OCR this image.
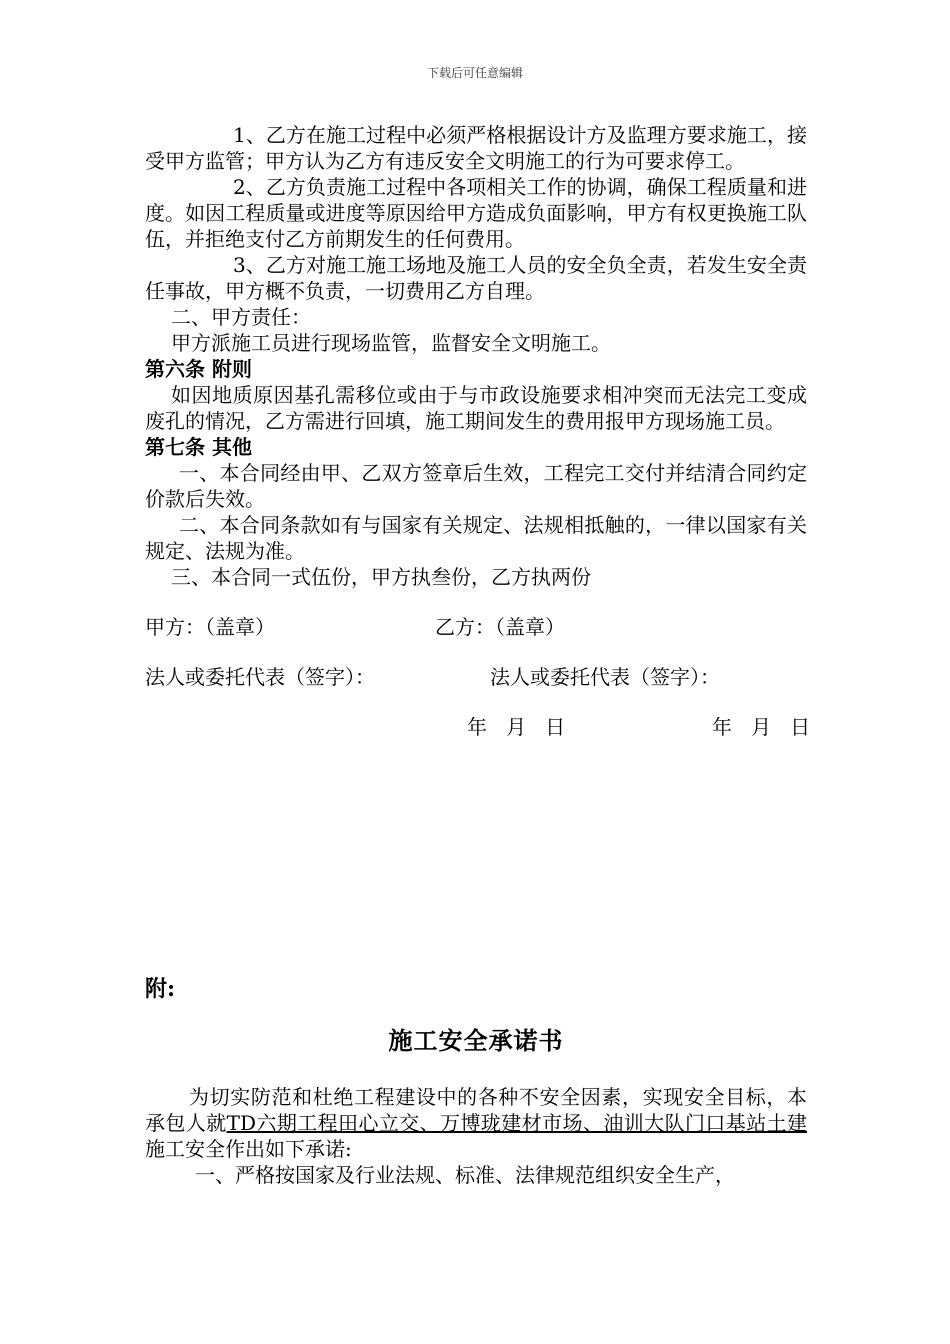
下载后可任意编辑

1、乙方在施工过程中必须严格根据设计方及监理方要求施工，接受甲方监管；甲方认为乙方有违反安全文明施工的行为可要求停工。

2、乙方负责施工过程中各项相关工作的协调，确保工程质量和进度。如因工程质量或进度等原因给甲方造成负面影响，甲方有权更换施工队伍，并拒绝支付乙方前期发生的任何费用。

3、乙方对施工施工场地及施工人员的安全负全责，若发生安全责任事故，甲方概不负责，一切费用乙方自理。

二、甲方责任：

甲方派施工员进行现场监管，监督安全文明施工。

第六条 附则

如因地质原因基孔需移位或由于与市政设施要求相冲突而无法完工变成废孔的情况，乙方需进行回填，施工期间发生的费用报甲方现场施工员。

第七条 其他

一、本合同经由甲、乙双方签章后生效，工程完工交付并结清合同约定价款后失效。

二、本合同条款如有与国家有关规定、法规相抵触的，一律以国家有关规定、法规为准。

三、本合同一式伍份，甲方执叁份，乙方执两份

甲方：（盖章）	乙方：（盖章）
法人或委托代表（签字）：	法人或委托代表（签字）：
年   月   日	年   月   日

附:

施工安全承诺书

为切实防范和杜绝工程建设中的各种不安全因素，实现安全目标，本承包人就TD六期工程田心立交、万博珑建材市场、油训大队门口基站土建施工安全作出如下承诺:

一、严格按国家及行业法规、标准、法律规范组织安全生产，
